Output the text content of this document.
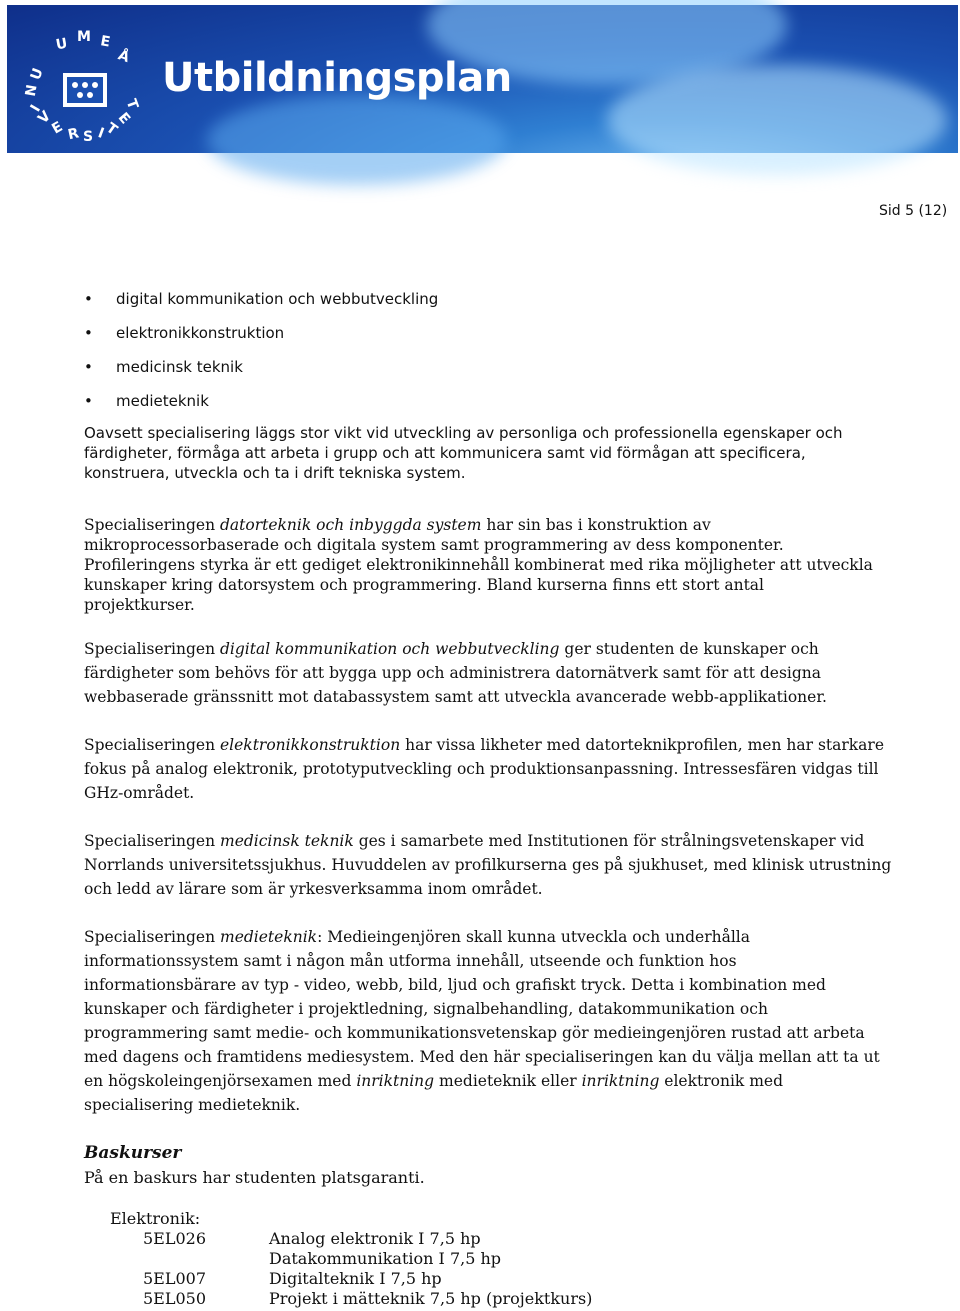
U M E
Å
U
N
I
V
E R S I
T
E
T
Utbildningsplan
Sid 5 (12)
• digital kommunikation och webbutveckling
• elektronikkonstruktion
• medicinsk teknik
• medieteknik
Oavsett specialisering läggs stor vikt vid utveckling av personliga och professionella egenskaper och
färdigheter, förmåga att arbeta i grupp och att kommunicera samt vid förmågan att specificera,
konstruera, utveckla och ta i drift tekniska system.
Specialiseringen datorteknik och inbyggda system har sin bas i konstruktion av
mikroprocessorbaserade och digitala system samt programmering av dess komponenter.
Profileringens styrka är ett gediget elektronikinnehåll kombinerat med rika möjligheter att utveckla
kunskaper kring datorsystem och programmering. Bland kurserna finns ett stort antal
projektkurser.
Specialiseringen digital kommunikation och webbutveckling ger studenten de kunskaper och
färdigheter som behövs för att bygga upp och administrera datornätverk samt för att designa
webbaserade gränssnitt mot databassystem samt att utveckla avancerade webb-applikationer.
Specialiseringen elektronikkonstruktion har vissa likheter med datorteknikprofilen, men har starkare
fokus på analog elektronik, prototyputveckling och produktionsanpassning. Intressesfären vidgas till
GHz-området.
Specialiseringen medicinsk teknik ges i samarbete med Institutionen för strålningsvetenskaper vid
Norrlands universitetssjukhus. Huvuddelen av profilkurserna ges på sjukhuset, med klinisk utrustning
och ledd av lärare som är yrkesverksamma inom området.
Specialiseringen medieteknik: Medieingenjören skall kunna utveckla och underhålla
informationssystem samt i någon mån utforma innehåll, utseende och funktion hos
informationsbärare av typ - video, webb, bild, ljud och grafiskt tryck. Detta i kombination med
kunskaper och färdigheter i projektledning, signalbehandling, datakommunikation och
programmering samt medie- och kommunikationsvetenskap gör medieingenjören rustad att arbeta
med dagens och framtidens mediesystem. Med den här specialiseringen kan du välja mellan att ta ut
en högskoleingenjörsexamen med inriktning medieteknik eller inriktning elektronik med
specialisering medieteknik.
Baskurser
På en baskurs har studenten platsgaranti.
Elektronik:
5EL026	Analog elektronik I 7,5 hp
Datakommunikation I 7,5 hp
5EL007	Digitalteknik I 7,5 hp
5EL050	Projekt i mätteknik 7,5 hp (projektkurs)
